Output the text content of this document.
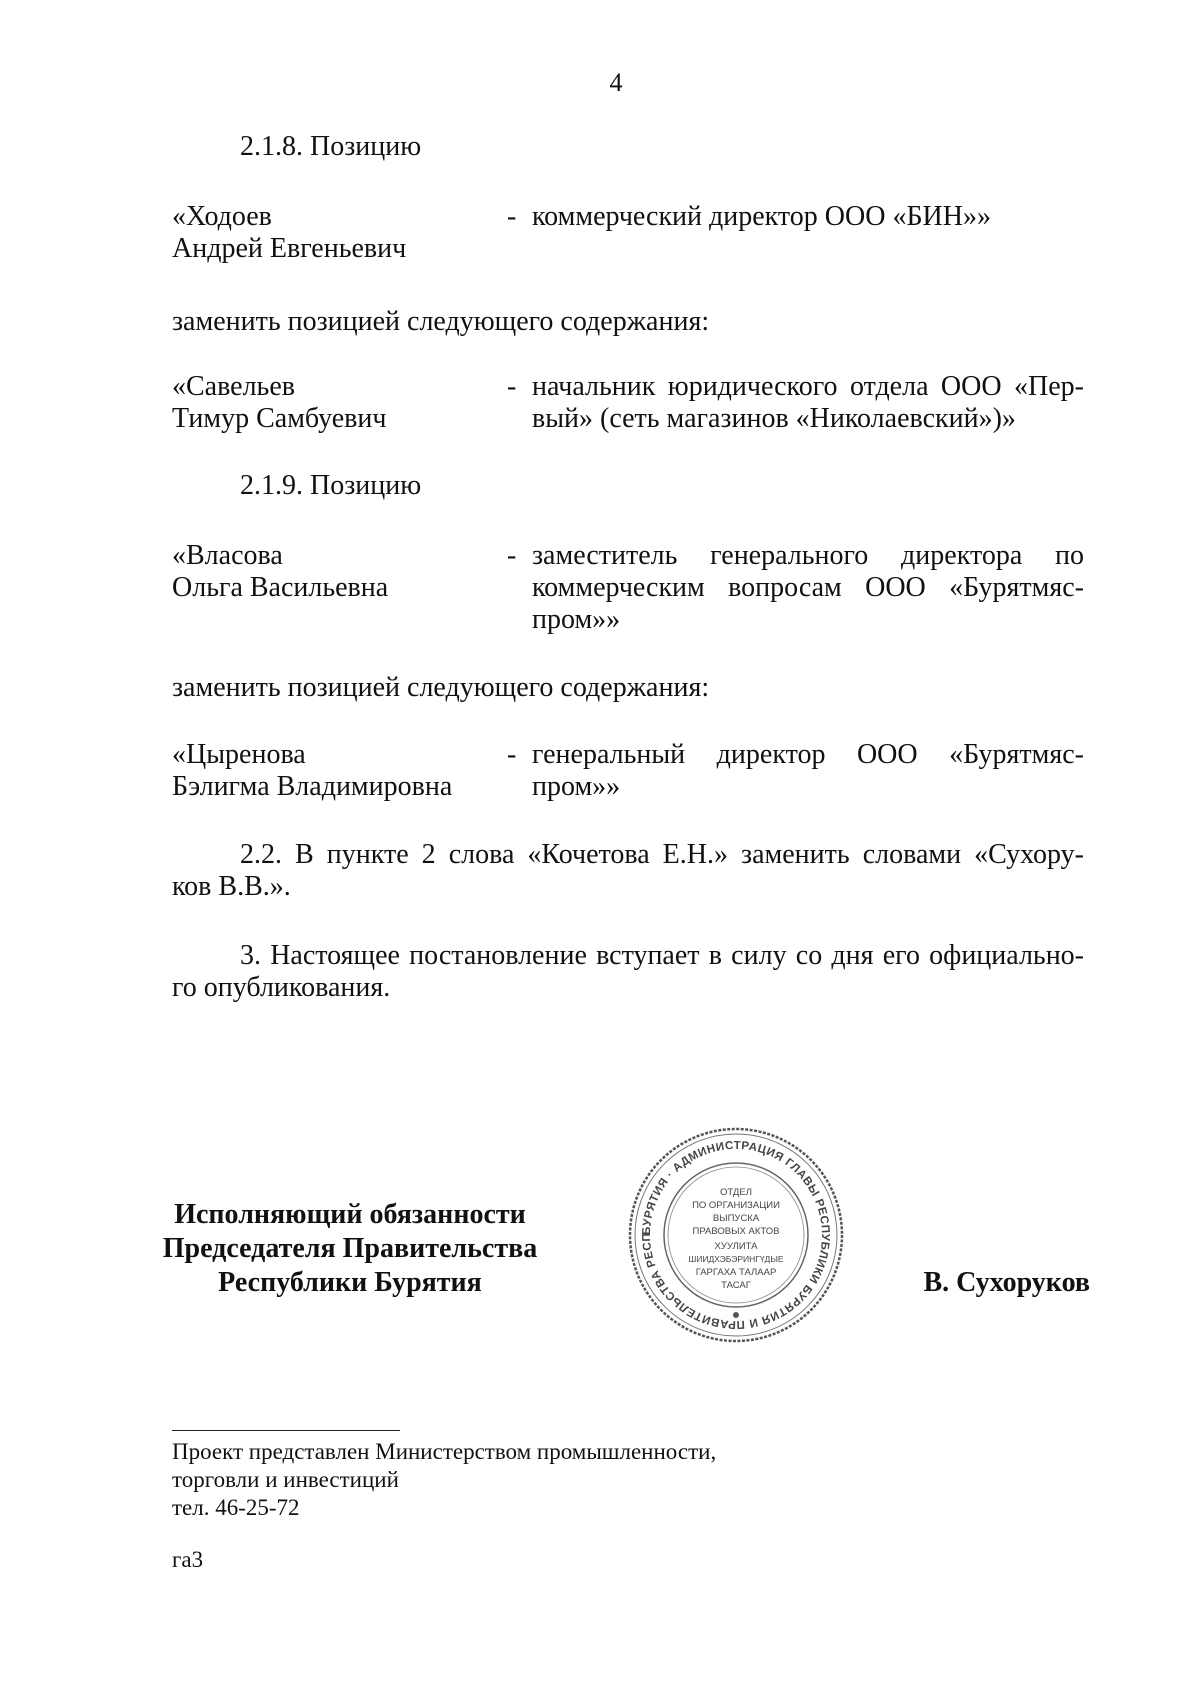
4
2.1.8. Позицию
«Ходоев
Андрей Евгеньевич
- коммерческий директор ООО «БИН»»
заменить позицией следующего содержания:
«Савельев
Тимур Самбуевич
- начальник юридического отдела ООО «Пер-
вый» (сеть магазинов «Николаевский»)»
2.1.9. Позицию
«Власова
Ольга Васильевна
- заместитель генерального директора по
коммерческим вопросам ООО «Бурятмяс-
пром»»
заменить позицией следующего содержания:
«Цыренова
Бэлигма Владимировна
- генеральный директор ООО «Бурятмяс-
пром»»
2.2. В пункте 2 слова «Кочетова Е.Н.» заменить словами «Сухору-
ков В.В.».
3. Настоящее постановление вступает в силу со дня его официально-
го опубликования.
Исполняющий обязанности
Председателя Правительства
Республики Бурятия
БУРЯТИЯ · АДМИНИСТРАЦИЯ ГЛАВЫ РЕСПУБЛИКИ БУРЯТИЯ И ПРАВИТЕЛЬСТВА РЕСП
ОТДЕЛ
ПО ОРГАНИЗАЦИИ
ВЫПУСКА
ПРАВОВЫХ АКТОВ
ХУУЛИТА
ШИИДХЭБЭРИНГҮДЫЕ
ГАРГАХА ТАЛААР
ТАСАГ	В. Сухоруков
Проект представлен Министерством промышленности,
торговли и инвестиций
тел. 46-25-72
га3
